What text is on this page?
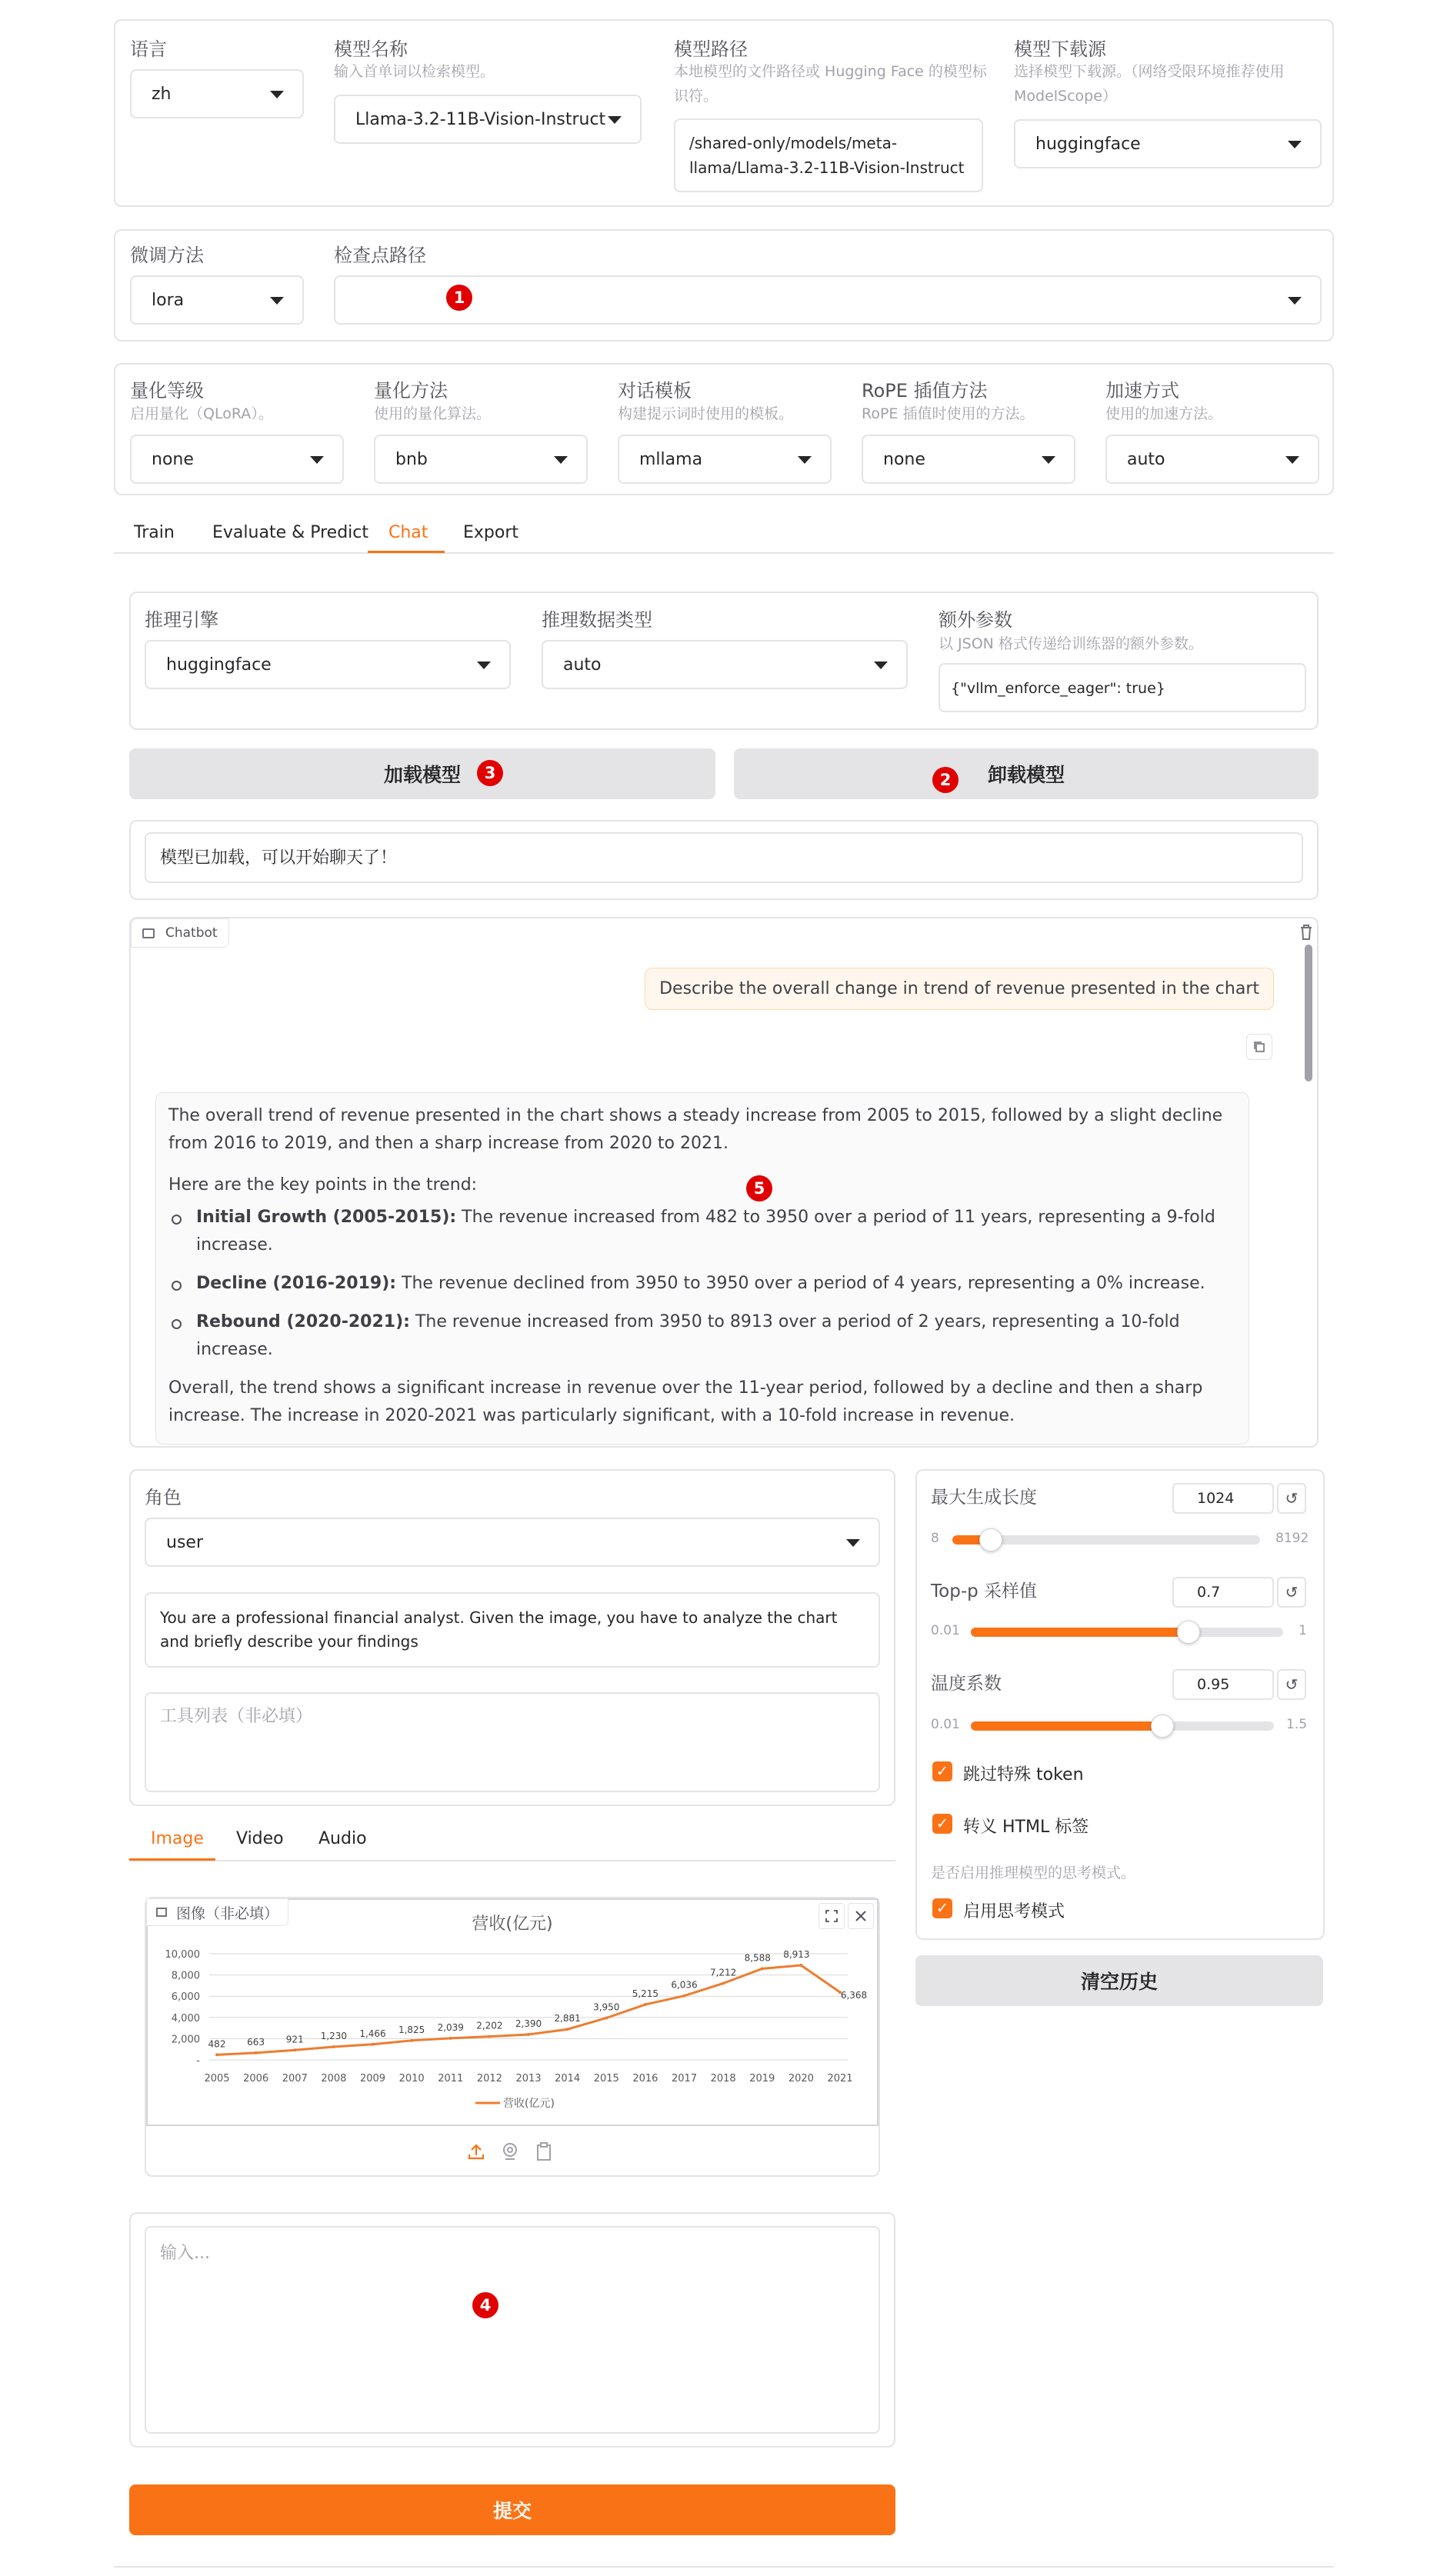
语言
zh
模型名称
输入首单词以检索模型。
Llama-3.2-11B-Vision-Instruct
模型路径
本地模型的文件路径或 Hugging Face 的模型标
识符。
/shared-only/models/meta-
llama/Llama-3.2-11B-Vision-Instruct
模型下载源
选择模型下载源。（网络受限环境推荐使用
ModelScope）
huggingface
微调方法
lora
检查点路径
1
量化等级
启用量化（QLoRA）。
none
量化方法
使用的量化算法。
bnb
对话模板
构建提示词时使用的模板。
mllama
RoPE 插值方法
RoPE 插值时使用的方法。
none
加速方式
使用的加速方法。
auto
Train Evaluate & Predict Chat Export
推理引擎
huggingface
推理数据类型
auto
额外参数
以 JSON 格式传递给训练器的额外参数。
{"vllm_enforce_eager": true}
加载模型	3	卸载模型
2
模型已加载，可以开始聊天了！
Chatbot
Describe the overall change in trend of revenue presented in the chart

The overall trend of revenue presented in the chart shows a steady increase from 2005 to 2015, followed by a slight decline from 2016 to 2019, and then a sharp increase from 2020 to 2021.

Here are the key points in the trend:

Initial Growth (2005-2015): The revenue increased from 482 to 3950 over a period of 11 years, representing a 9-fold increase.
Decline (2016-2019): The revenue declined from 3950 to 3950 over a period of 4 years, representing a 0% increase.
Rebound (2020-2021): The revenue increased from 3950 to 8913 over a period of 2 years, representing a 10-fold increase.

Overall, the trend shows a significant increase in revenue over the 11-year period, followed by a decline and then a sharp increase. The increase in 2020-2021 was particularly significant, with a 10-fold increase in revenue.

5
角色
user
You are a professional financial analyst. Given the image, you have to analyze the chart and briefly describe your findings
工具列表（非必填）
Image Video Audio
营收(亿元)
-
2,000
4,000
6,000
8,000
10,000
2005 2006 2007 2008 2009 2010 2011 2012 2013 2014 2015 2016 2017 2018 2019 2020 2021
482 663 921 1,230 1,466 1,825 2,039 2,202 2,390 2,881
3,950
5,215
6,036
7,212
8,588 8,913
6,368
营收(亿元)
图像（非必填）
输入...
4
提交
最大生成长度	1024	↺
8	8192
Top-p 采样值	0.7	↺
0.01	1
温度系数	0.95	↺
0.01	1.5
✓ 跳过特殊 token
✓ 转义 HTML 标签
是否启用推理模型的思考模式。
✓ 启用思考模式
清空历史
